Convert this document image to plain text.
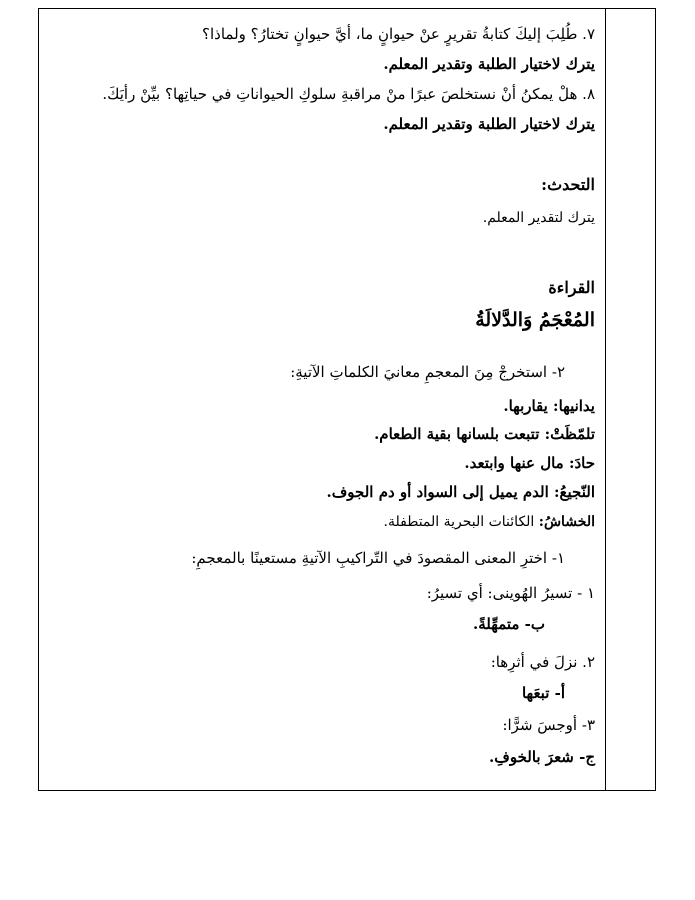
٧. طُلِبَ إليكَ كتابةُ تقريرٍ عنْ حيوانٍ ما، أيَّ حيوانٍ تختارُ؟ ولماذا؟
يترك لاختيار الطلبة وتقدير المعلم.
٨. هلْ يمكنُ أنْ نستخلصَ عبرًا منْ مراقبةِ سلوكِ الحيواناتِ في حياتِها؟ بيِّنْ رأيَكَ.
يترك لاختيار الطلبة وتقدير المعلم.
التحدث:
يترك لتقدير المعلم.
القراءة
المُعْجَمُ وَالدَّلالَةُ
٢- استخرجْ مِنَ المعجمِ معانيَ الكلماتِ الآتيةِ:
يدانيها: يقاربها.
تلمّظَتْ: تتبعت بلسانها بقية الطعام.
حادَ: مال عنها وابتعد.
النّجيعُ: الدم يميل إلى السواد أو دم الجوف.
الخشاشُ: الكائنات البحرية المتطفلة.
١- اخترِ المعنى المقصودَ في التّراكيبِ الآتيةِ مستعينًا بالمعجمِ:
١ - تسيرُ الهُوينى: أي تسيرُ:
ب- متمهِّلةً.
٢. نزلَ في أثرِها:
أ- تبعَها
٣- أوجسَ شرًّا:
ج- شعرَ بالخوفِ.
